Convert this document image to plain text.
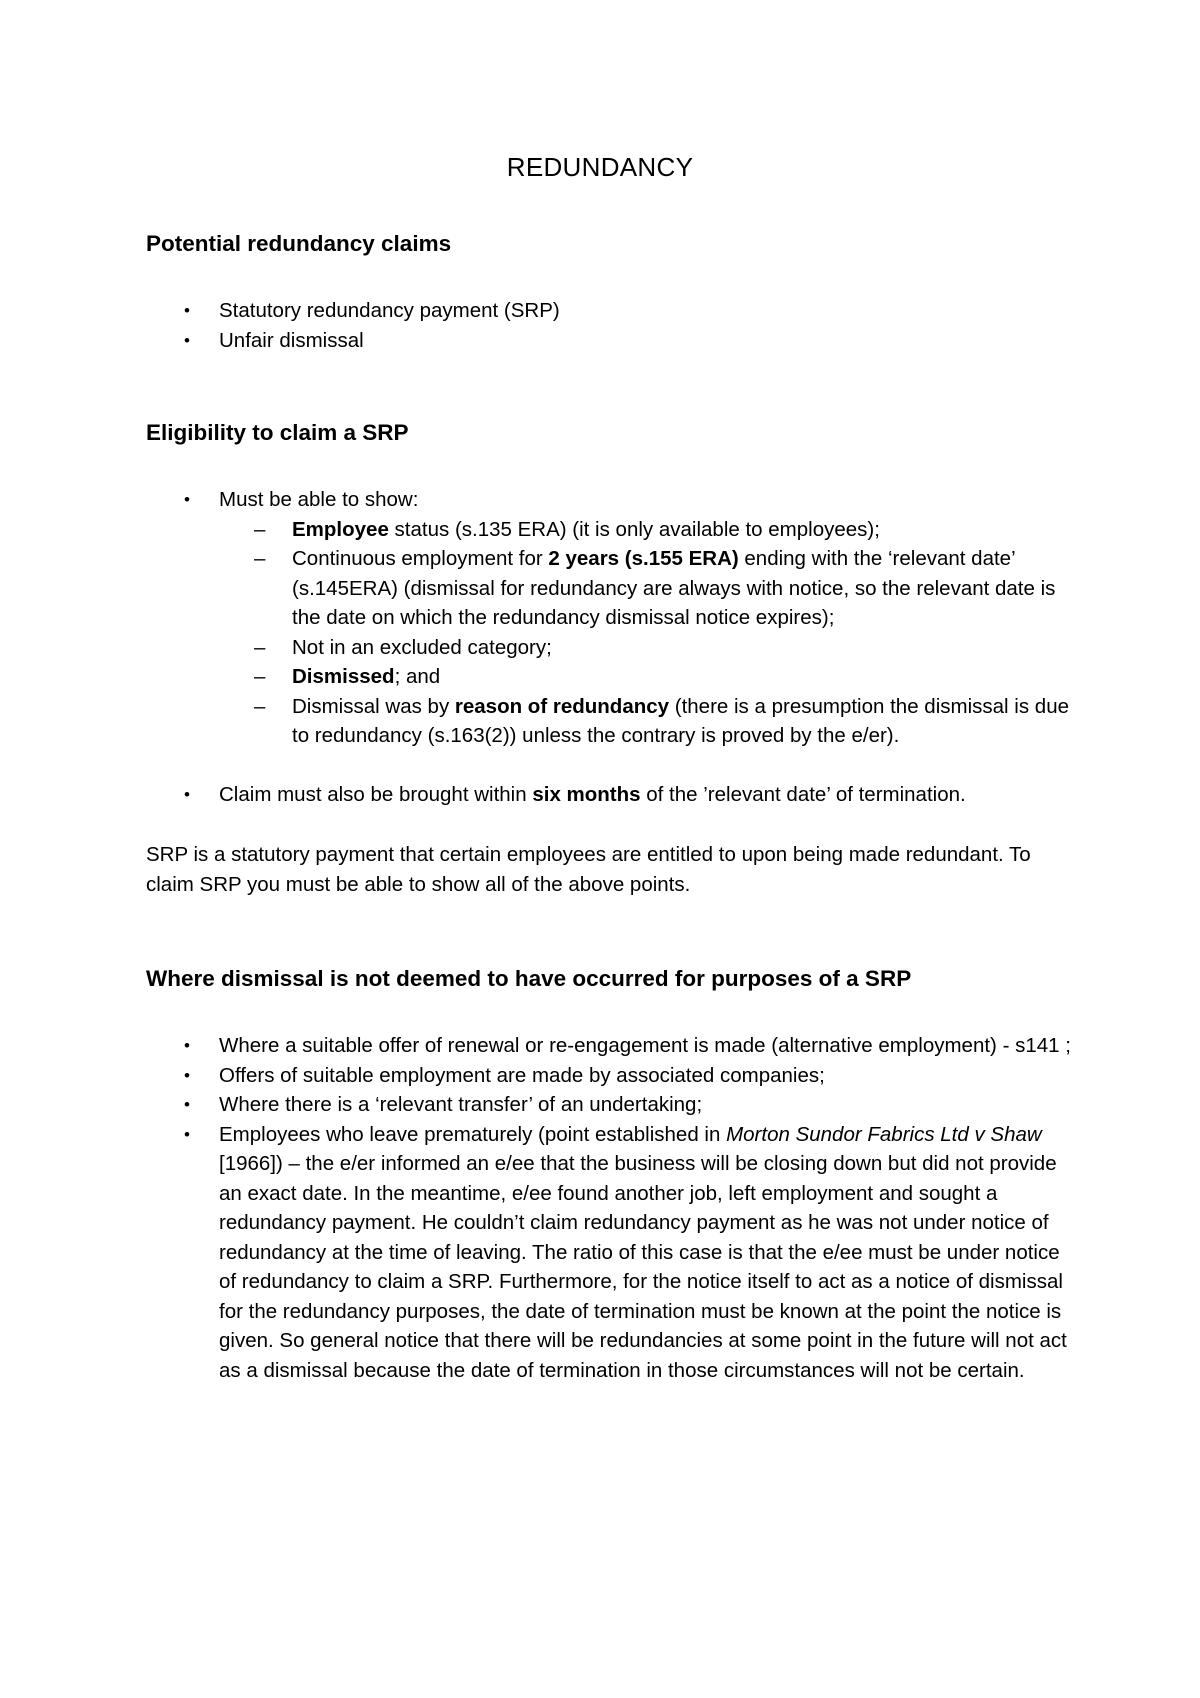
REDUNDANCY
Potential redundancy claims
• Statutory redundancy payment (SRP)
• Unfair dismissal
Eligibility to claim a SRP
• Must be able to show:
– Employee status (s.135 ERA) (it is only available to employees);
– Continuous employment for 2 years (s.155 ERA) ending with the ‘relevant date’ (s.145ERA) (dismissal for redundancy are always with notice, so the relevant date is the date on which the redundancy dismissal notice expires);
– Not in an excluded category;
– Dismissed; and
– Dismissal was by reason of redundancy (there is a presumption the dismissal is due to redundancy (s.163(2)) unless the contrary is proved by the e/er).
• Claim must also be brought within six months of the ’relevant date’ of termination.

SRP is a statutory payment that certain employees are entitled to upon being made redundant. To claim SRP you must be able to show all of the above points.

Where dismissal is not deemed to have occurred for purposes of a SRP
• Where a suitable offer of renewal or re-engagement is made (alternative employment) - s141 ;
• Offers of suitable employment are made by associated companies;
• Where there is a ‘relevant transfer’ of an undertaking;
• Employees who leave prematurely (point established in Morton Sundor Fabrics Ltd v Shaw [1966]) – the e/er informed an e/ee that the business will be closing down but did not provide an exact date. In the meantime, e/ee found another job, left employment and sought a redundancy payment. He couldn’t claim redundancy payment as he was not under notice of redundancy at the time of leaving. The ratio of this case is that the e/ee must be under notice of redundancy to claim a SRP. Furthermore, for the notice itself to act as a notice of dismissal for the redundancy purposes, the date of termination must be known at the point the notice is given. So general notice that there will be redundancies at some point in the future will not act as a dismissal because the date of termination in those circumstances will not be certain.
